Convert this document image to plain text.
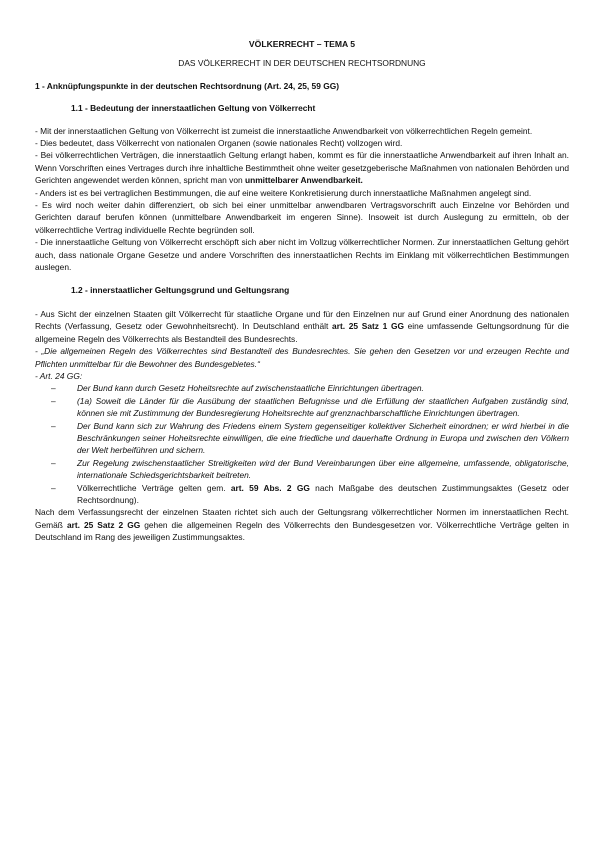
VÖLKERRECHT – TEMA 5
DAS VÖLKERRECHT IN DER DEUTSCHEN RECHTSORDNUNG
1 - Anknüpfungspunkte in der deutschen Rechtsordnung (Art. 24, 25, 59 GG)
1.1 - Bedeutung der innerstaatlichen Geltung von Völkerrecht

- Mit der innerstaatlichen Geltung von Völkerrecht ist zumeist die innerstaatliche Anwendbarkeit von völkerrechtlichen Regeln gemeint.

- Dies bedeutet, dass Völkerrecht von nationalen Organen (sowie nationales Recht) vollzogen wird.

- Bei völkerrechtlichen Verträgen, die innerstaatlich Geltung erlangt haben, kommt es für die innerstaatliche Anwendbarkeit auf ihren Inhalt an. Wenn Vorschriften eines Vertrages durch ihre inhaltliche Bestimmtheit ohne weiter gesetzgeberische Maßnahmen von nationalen Behörden und Gerichten angewendet werden können, spricht man von unmittelbarer Anwendbarkeit.

- Anders ist es bei vertraglichen Bestimmungen, die auf eine weitere Konkretisierung durch innerstaatliche Maßnahmen angelegt sind.

- Es wird noch weiter dahin differenziert, ob sich bei einer unmittelbar anwendbaren Vertragsvorschrift auch Einzelne vor Behörden und Gerichten darauf berufen können (unmittelbare Anwendbarkeit im engeren Sinne). Insoweit ist durch Auslegung zu ermitteln, ob der völkerrechtliche Vertrag individuelle Rechte begründen soll.

- Die innerstaatliche Geltung von Völkerrecht erschöpft sich aber nicht im Vollzug völkerrechtlicher Normen. Zur innerstaatlichen Geltung gehört auch, dass nationale Organe Gesetze und andere Vorschriften des innerstaatlichen Rechts im Einklang mit völkerrechtlichen Bestimmungen auslegen.

1.2 - innerstaatlicher Geltungsgrund und Geltungsrang

- Aus Sicht der einzelnen Staaten gilt Völkerrecht für staatliche Organe und für den Einzelnen nur auf Grund einer Anordnung des nationalen Rechts (Verfassung, Gesetz oder Gewohnheitsrecht). In Deutschland enthält art. 25 Satz 1 GG eine umfassende Geltungsordnung für die allgemeine Regeln des Völkerrechts als Bestandteil des Bundesrechts.

- „Die allgemeinen Regeln des Völkerrechtes sind Bestandteil des Bundesrechtes. Sie gehen den Gesetzen vor und erzeugen Rechte und Pflichten unmittelbar für die Bewohner des Bundesgebietes.“

- Art. 24 GG:

–	Der Bund kann durch Gesetz Hoheitsrechte auf zwischenstaatliche Einrichtungen übertragen.
–	(1a) Soweit die Länder für die Ausübung der staatlichen Befugnisse und die Erfüllung der staatlichen Aufgaben zuständig sind, können sie mit Zustimmung der Bundesregierung Hoheitsrechte auf grenznachbarschaftliche Einrichtungen übertragen.
–	Der Bund kann sich zur Wahrung des Friedens einem System gegenseitiger kollektiver Sicherheit einordnen; er wird hierbei in die Beschränkungen seiner Hoheitsrechte einwilligen, die eine friedliche und dauerhafte Ordnung in Europa und zwischen den Völkern der Welt herbeiführen und sichern.
–	Zur Regelung zwischenstaatlicher Streitigkeiten wird der Bund Vereinbarungen über eine allgemeine, umfassende, obligatorische, internationale Schiedsgerichtsbarkeit beitreten.
–	Völkerrechtliche Verträge gelten gem. art. 59 Abs. 2 GG nach Maßgabe des deutschen Zustimmungsaktes (Gesetz oder Rechtsordnung).

Nach dem Verfassungsrecht der einzelnen Staaten richtet sich auch der Geltungsrang völkerrechtlicher Normen im innerstaatlichen Recht. Gemäß art. 25 Satz 2 GG gehen die allgemeinen Regeln des Völkerrechts den Bundesgesetzen vor. Völkerrechtliche Verträge gelten in Deutschland im Rang des jeweiligen Zustimmungsaktes.
